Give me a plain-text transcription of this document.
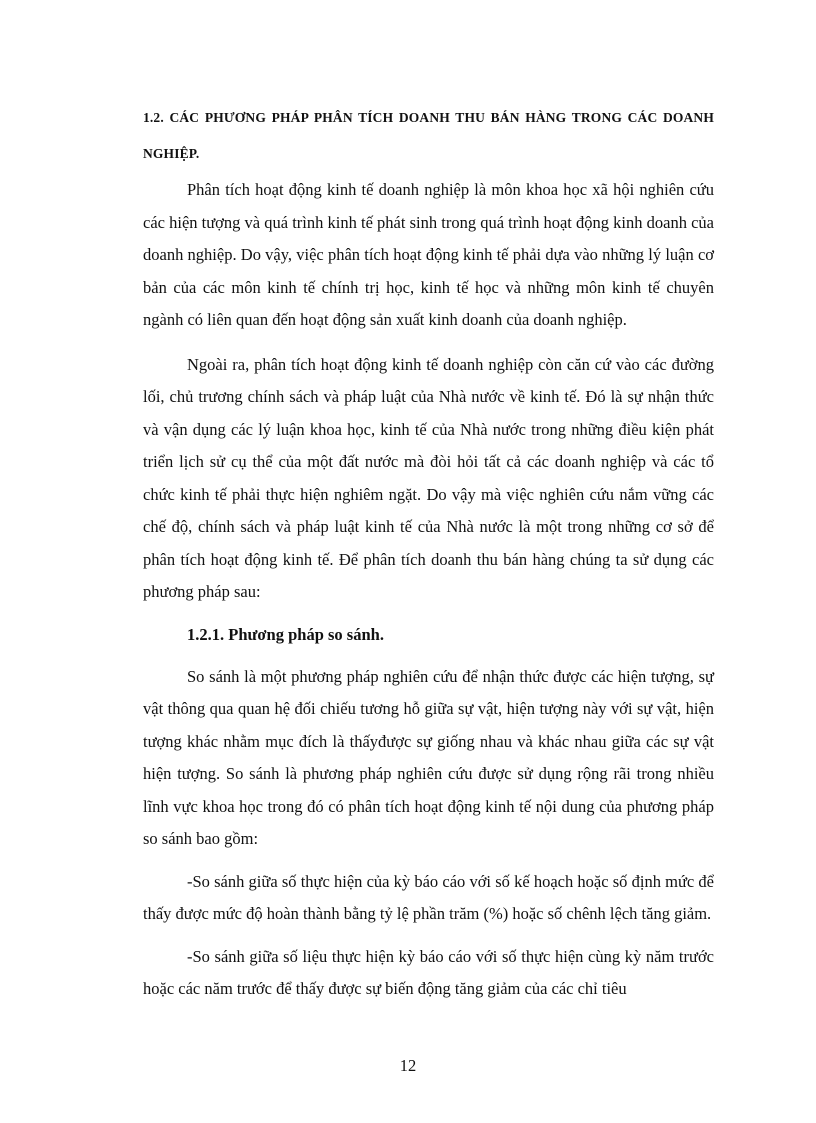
1.2. CÁC PHƯƠNG PHÁP PHÂN TÍCH DOANH THU BÁN HÀNG TRONG CÁC DOANH NGHIỆP.

Phân tích hoạt động kinh tế doanh nghiệp là môn khoa học xã hội nghiên cứu các hiện tượng và quá trình kinh tế phát sinh trong quá trình hoạt động kinh doanh của doanh nghiệp. Do vậy, việc phân tích hoạt động kinh tế phải dựa vào những lý luận cơ bản của các môn kinh tế chính trị học, kinh tế học và những môn kinh tế chuyên ngành có liên quan đến hoạt động sản xuất kinh doanh của doanh nghiệp.

Ngoài ra, phân tích hoạt động kinh tế doanh nghiệp còn căn cứ vào các đường lối, chủ trương chính sách và pháp luật của Nhà nước về kinh tế. Đó là sự nhận thức và vận dụng các lý luận khoa học, kinh tế của Nhà nước trong những điều kiện phát triển lịch sử cụ thể của một đất nước mà đòi hỏi tất cả các doanh nghiệp và các tổ chức kinh tế phải thực hiện nghiêm ngặt. Do vậy mà việc nghiên cứu nắm vững các chế độ, chính sách và pháp luật kinh tế của Nhà nước là một trong những cơ sở để phân tích hoạt động kinh tế. Để phân tích doanh thu bán hàng chúng ta sử dụng các phương pháp sau:

1.2.1. Phương pháp so sánh.

So sánh là một phương pháp nghiên cứu để nhận thức được các hiện tượng, sự vật thông qua quan hệ đối chiếu tương hỗ giữa sự vật, hiện tượng này với sự vật, hiện tượng khác nhằm mục đích là thấyđược sự giống nhau và khác nhau giữa các sự vật hiện tượng. So sánh là phương pháp nghiên cứu được sử dụng rộng rãi trong nhiều lĩnh vực khoa học trong đó có phân tích hoạt động kinh tế nội dung của phương pháp so sánh bao gồm:

-So sánh giữa số thực hiện của kỳ báo cáo với số kế hoạch hoặc số định mức để thấy được mức độ hoàn thành bằng tỷ lệ phần trăm (%) hoặc số chênh lệch tăng giảm.

-So sánh giữa số liệu thực hiện kỳ báo cáo với số thực hiện cùng kỳ năm trước hoặc các năm trước để thấy được sự biến động tăng giảm của các chỉ tiêu

12
